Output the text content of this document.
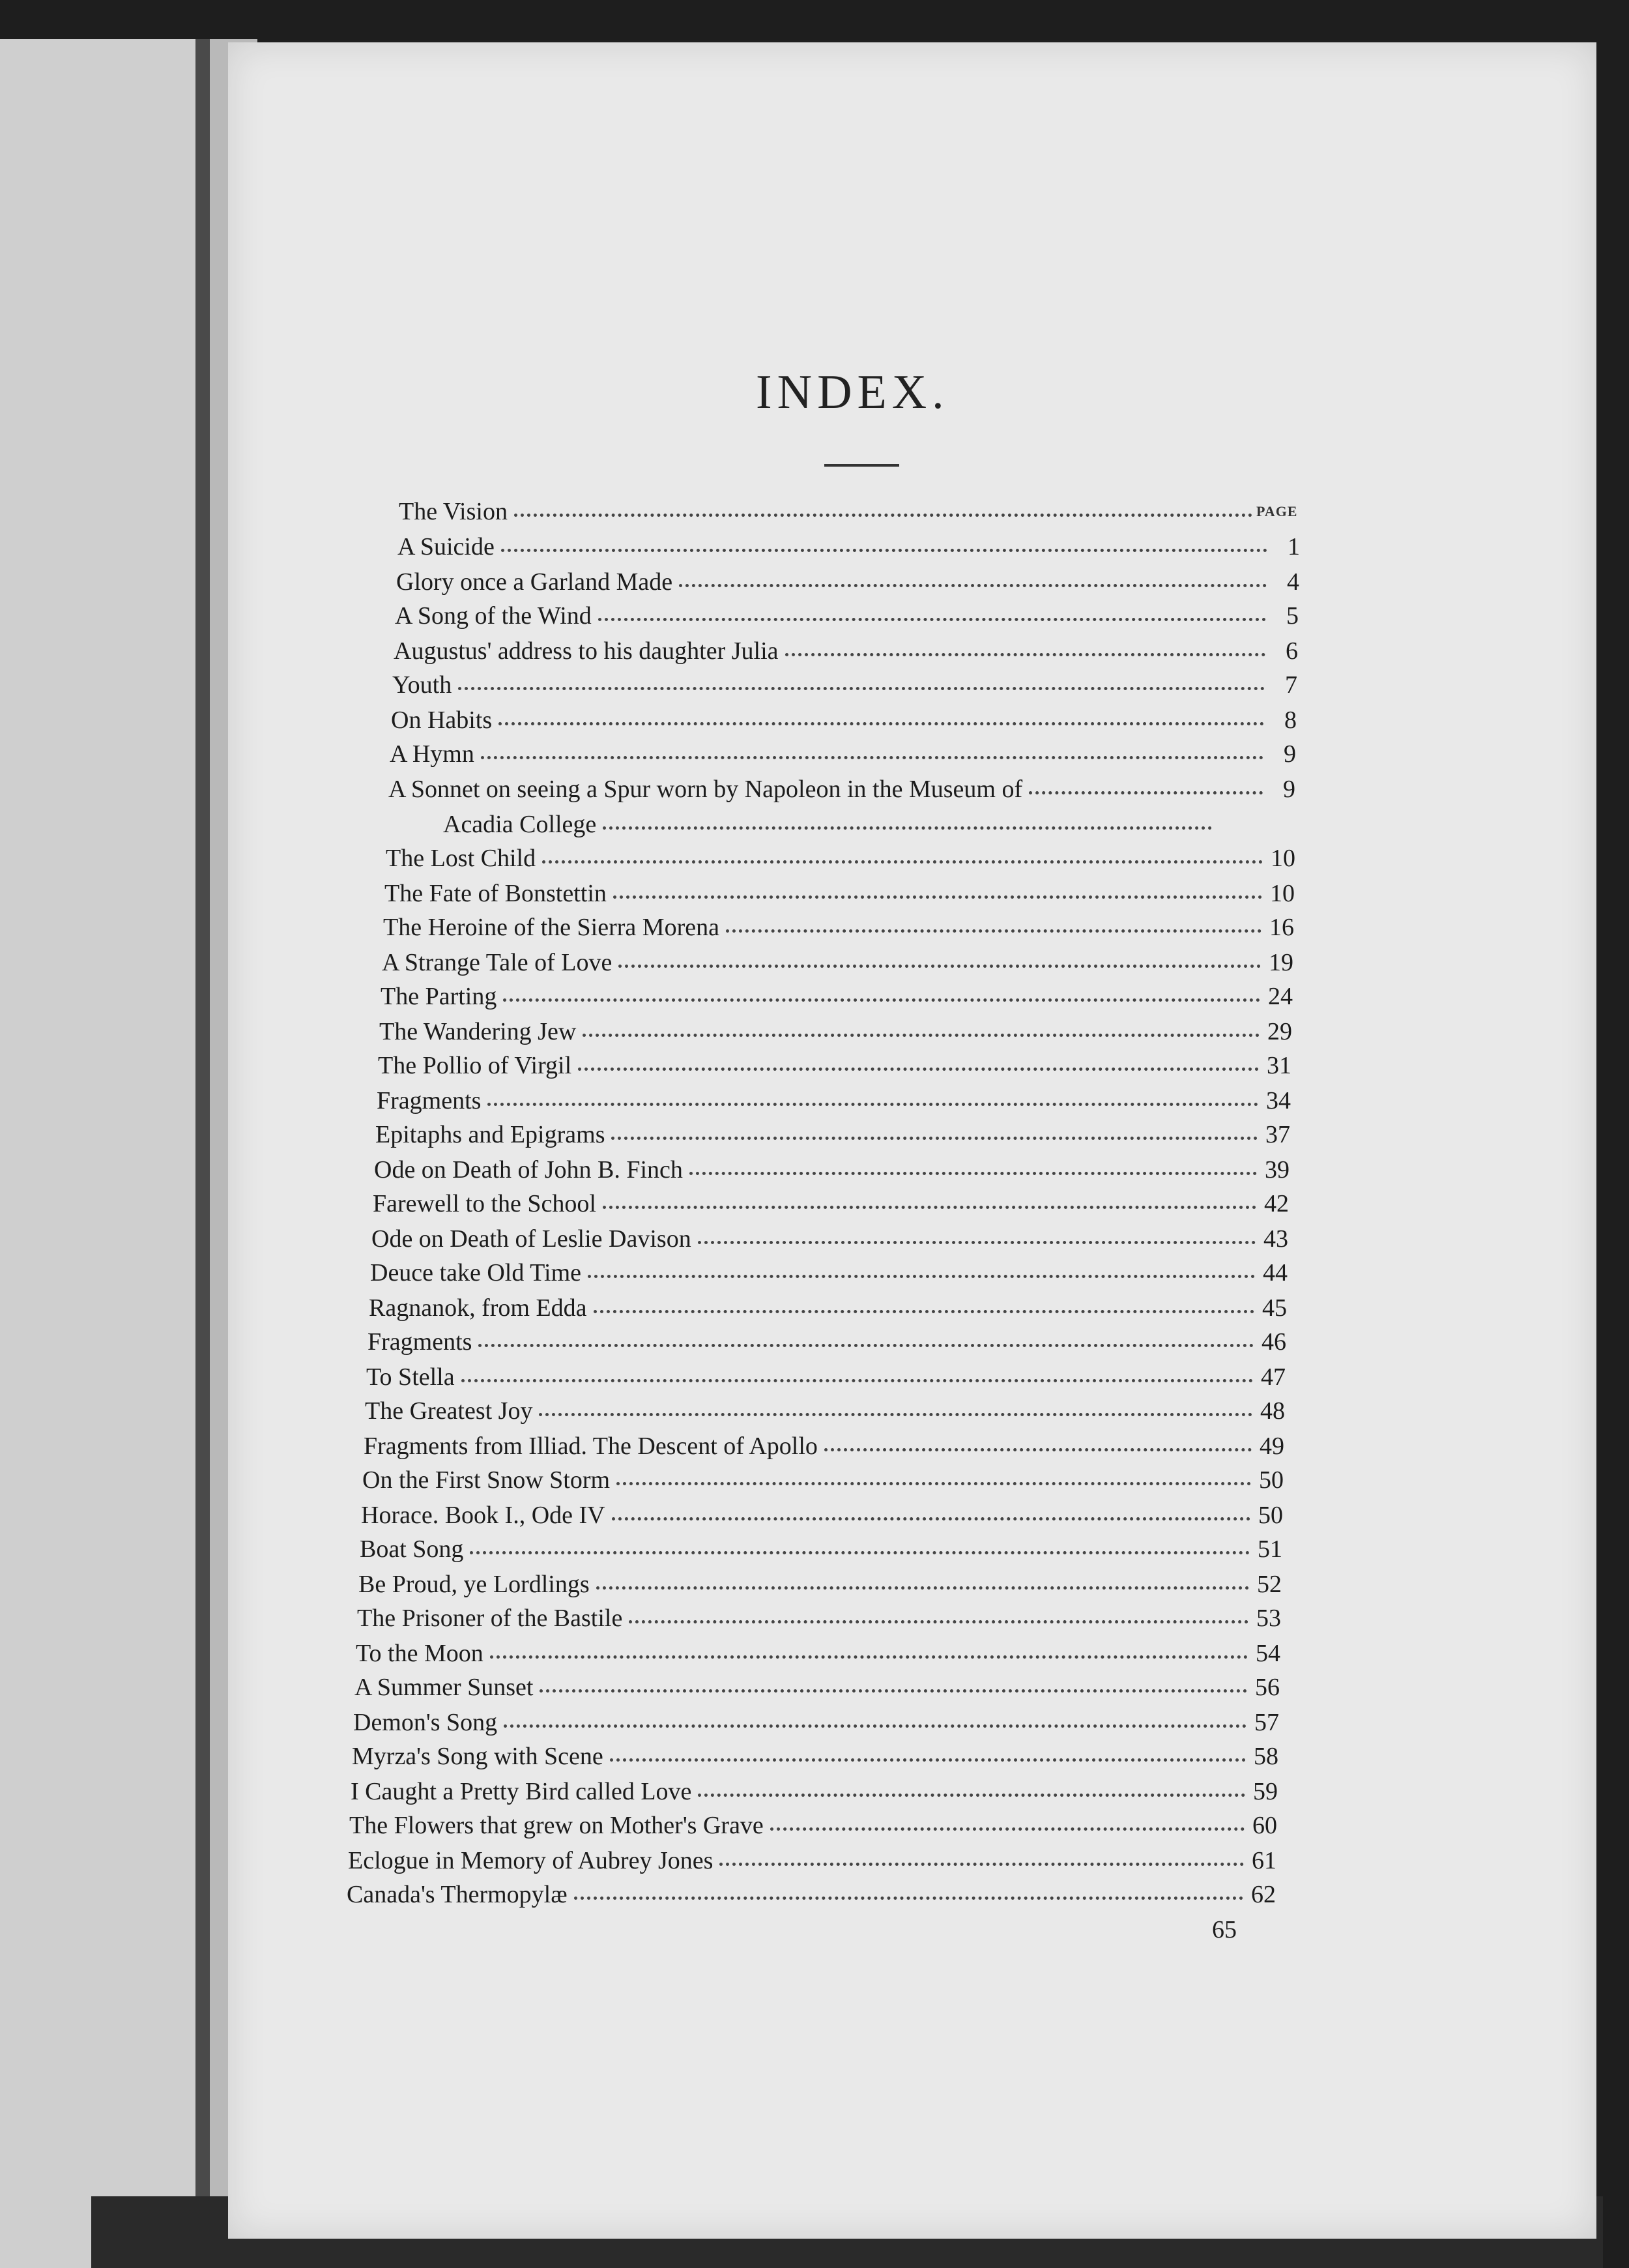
INDEX.
PAGE
The Vision
A Suicide	1
Glory once a Garland Made	4
A Song of the Wind	5
Augustus' address to his daughter Julia	6
Youth	7
On Habits	8
A Hymn	9
A Sonnet on seeing a Spur worn by Napoleon in the Museum of	9
Acadia College
The Lost Child	10
The Fate of Bonstettin	10
The Heroine of the Sierra Morena	16
A Strange Tale of Love	19
The Parting	24
The Wandering Jew	29
The Pollio of Virgil	31
Fragments	34
Epitaphs and Epigrams	37
Ode on Death of John B. Finch	39
Farewell to the School	42
Ode on Death of Leslie Davison	43
Deuce take Old Time	44
Ragnanok, from Edda	45
Fragments	46
To Stella	47
The Greatest Joy	48
Fragments from Illiad. The Descent of Apollo	49
On the First Snow Storm	50
Horace. Book I., Ode IV	50
Boat Song	51
Be Proud, ye Lordlings	52
The Prisoner of the Bastile	53
To the Moon	54
A Summer Sunset	56
Demon's Song	57
Myrza's Song with Scene	58
I Caught a Pretty Bird called Love	59
The Flowers that grew on Mother's Grave	60
Eclogue in Memory of Aubrey Jones	61
Canada's Thermopylæ	62
65
